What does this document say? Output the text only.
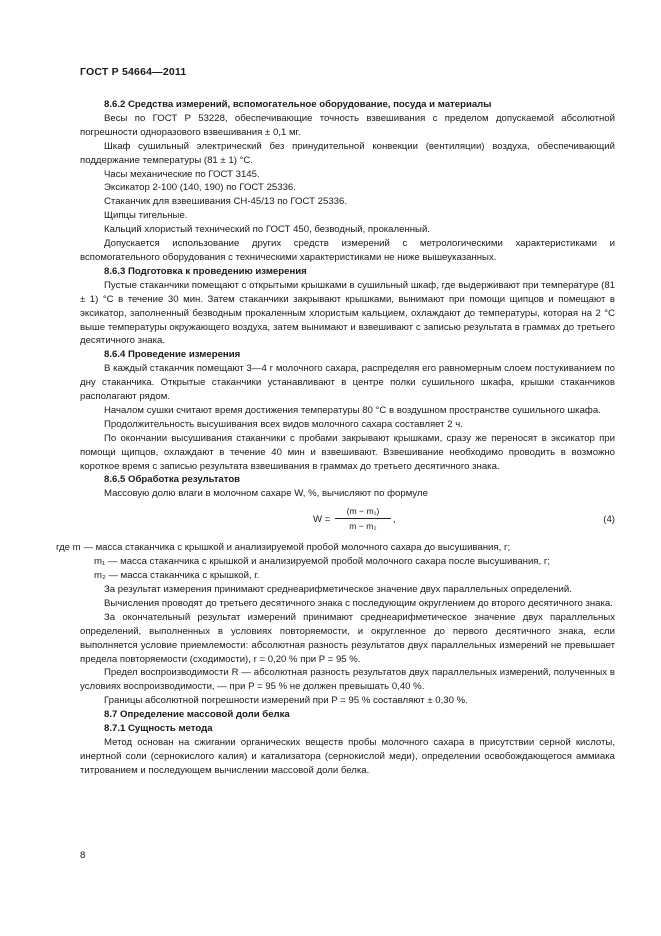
ГОСТ Р 54664—2011

8.6.2 Средства измерений, вспомогательное оборудование, посуда и материалы

Весы по ГОСТ Р 53228, обеспечивающие точность взвешивания с пределом допускаемой абсолютной погрешности одноразового взвешивания ± 0,1 мг.

Шкаф сушильный электрический без принудительной конвекции (вентиляции) воздуха, обеспечивающий поддержание температуры (81 ± 1) °С.

Часы механические по ГОСТ 3145.

Эксикатор 2-100 (140, 190) по ГОСТ 25336.

Стаканчик для взвешивания СН-45/13 по ГОСТ 25336.

Щипцы тигельные.

Кальций хлористый технический по ГОСТ 450, безводный, прокаленный.

Допускается использование других средств измерений с метрологическими характеристиками и вспомогательного оборудования с техническими характеристиками не ниже вышеуказанных.

8.6.3 Подготовка к проведению измерения

Пустые стаканчики помещают с открытыми крышками в сушильный шкаф, где выдерживают при температуре (81 ± 1) °С в течение 30 мин. Затем стаканчики закрывают крышками, вынимают при помощи щипцов и помещают в эксикатор, заполненный безводным прокаленным хлористым кальцием, охлаждают до температуры, которая на 2 °С выше температуры окружающего воздуха, затем вынимают и взвешивают с записью результата в граммах до третьего десятичного знака.

8.6.4 Проведение измерения

В каждый стаканчик помещают 3—4 г молочного сахара, распределяя его равномерным слоем постукиванием по дну стаканчика. Открытые стаканчики устанавливают в центре полки сушильного шкафа, крышки стаканчиков располагают рядом.

Началом сушки считают время достижения температуры 80 °С в воздушном пространстве сушильного шкафа.

Продолжительность высушивания всех видов молочного сахара составляет 2 ч.

По окончании высушивания стаканчики с пробами закрывают крышками, сразу же переносят в эксикатор при помощи щипцов, охлаждают в течение 40 мин и взвешивают. Взвешивание необходимо проводить в возможно короткое время с записью результата взвешивания в граммах до третьего десятичного знака.

8.6.5 Обработка результатов

Массовую долю влаги в молочном сахаре W, %, вычисляют по формуле

W =
(m − m₁)
m − m₂
,	(4)

где m — масса стаканчика с крышкой и анализируемой пробой молочного сахара до высушивания, г;

m₁ — масса стаканчика с крышкой и анализируемой пробой молочного сахара после высушивания, г;

m₂ — масса стаканчика с крышкой, г.

За результат измерения принимают среднеарифметическое значение двух параллельных определений.

Вычисления проводят до третьего десятичного знака с последующим округлением до второго десятичного знака.

За окончательный результат измерений принимают среднеарифметическое значение двух параллельных определений, выполненных в условиях повторяемости, и округленное до первого десятичного знака, если выполняется условие приемлемости: абсолютная разность результатов двух параллельных измерений не превышает предела повторяемости (сходимости), r = 0,20 % при P = 95 %.

Предел воспроизводимости R — абсолютная разность результатов двух параллельных измерений, полученных в условиях воспроизводимости, — при P = 95 % не должен превышать 0,40 %.

Границы абсолютной погрешности измерений при P = 95 % составляют ± 0,30 %.

8.7 Определение массовой доли белка

8.7.1 Сущность метода

Метод основан на сжигании органических веществ пробы молочного сахара в присутствии серной кислоты, инертной соли (сернокислого калия) и катализатора (сернокислой меди), определении освобождающегося аммиака титрованием и последующем вычислении массовой доли белка.

8
